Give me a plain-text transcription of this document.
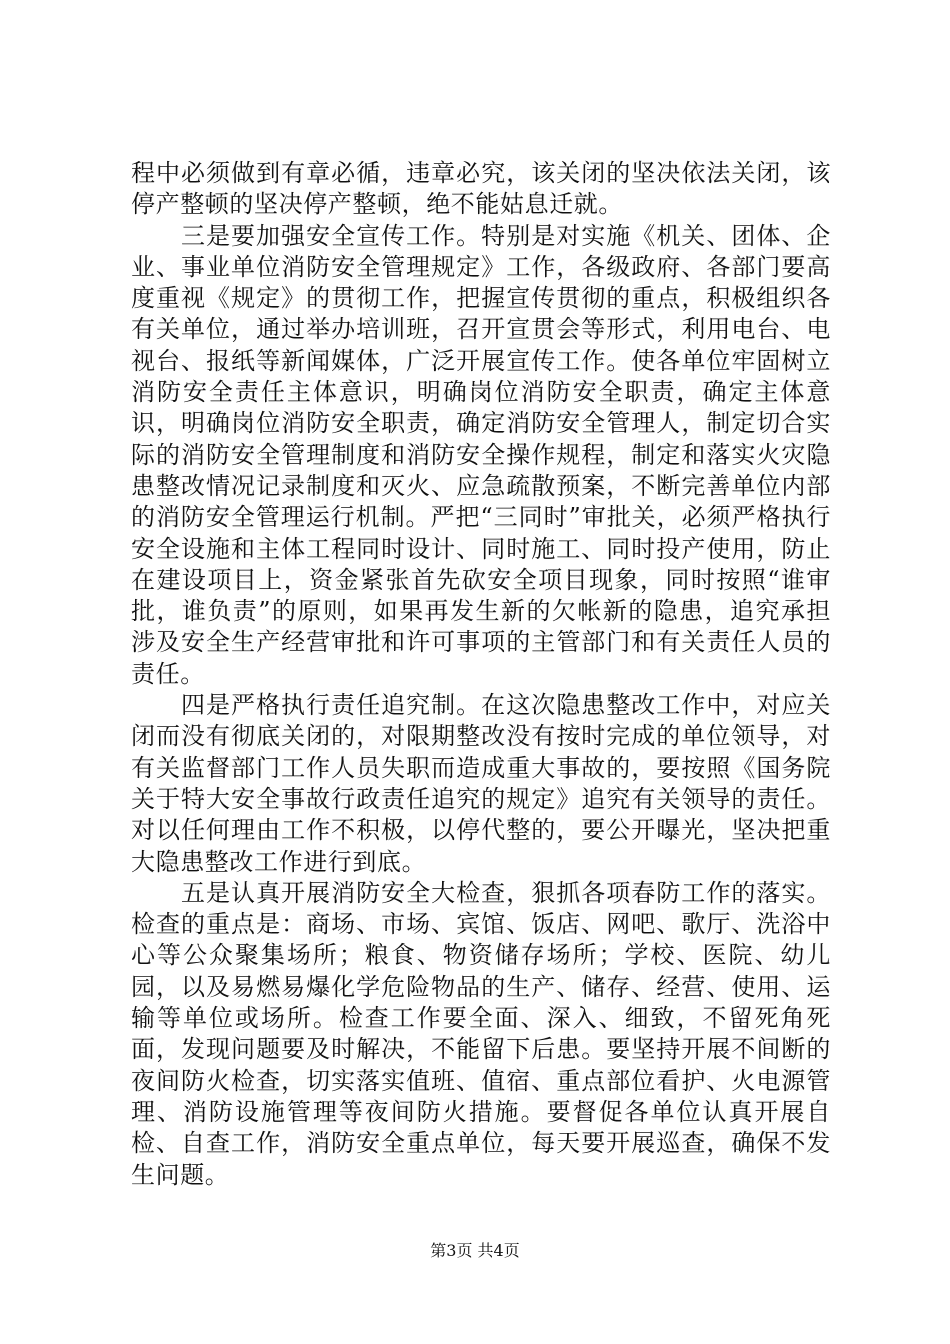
程中必须做到有章必循，违章必究，该关闭的坚决依法关闭，该停产整顿的坚决停产整顿，绝不能姑息迁就。

三是要加强安全宣传工作。特别是对实施《机关、团体、企业、事业单位消防安全管理规定》工作，各级政府、各部门要高度重视《规定》的贯彻工作，把握宣传贯彻的重点，积极组织各有关单位，通过举办培训班，召开宣贯会等形式，利用电台、电视台、报纸等新闻媒体，广泛开展宣传工作。使各单位牢固树立消防安全责任主体意识，明确岗位消防安全职责，确定主体意识，明确岗位消防安全职责，确定消防安全管理人，制定切合实际的消防安全管理制度和消防安全操作规程，制定和落实火灾隐患整改情况记录制度和灭火、应急疏散预案，不断完善单位内部的消防安全管理运行机制。严把“三同时”审批关，必须严格执行安全设施和主体工程同时设计、同时施工、同时投产使用，防止在建设项目上，资金紧张首先砍安全项目现象，同时按照“谁审批，谁负责”的原则，如果再发生新的欠帐新的隐患，追究承担涉及安全生产经营审批和许可事项的主管部门和有关责任人员的责任。

四是严格执行责任追究制。在这次隐患整改工作中，对应关闭而没有彻底关闭的，对限期整改没有按时完成的单位领导，对有关监督部门工作人员失职而造成重大事故的，要按照《国务院关于特大安全事故行政责任追究的规定》追究有关领导的责任。对以任何理由工作不积极，以停代整的，要公开曝光，坚决把重大隐患整改工作进行到底。

五是认真开展消防安全大检查，狠抓各项春防工作的落实。检查的重点是：商场、市场、宾馆、饭店、网吧、歌厅、洗浴中心等公众聚集场所；粮食、物资储存场所；学校、医院、幼儿园，以及易燃易爆化学危险物品的生产、储存、经营、使用、运输等单位或场所。检查工作要全面、深入、细致，不留死角死面，发现问题要及时解决，不能留下后患。要坚持开展不间断的夜间防火检查，切实落实值班、值宿、重点部位看护、火电源管理、消防设施管理等夜间防火措施。要督促各单位认真开展自检、自查工作，消防安全重点单位，每天要开展巡查，确保不发生问题。

第3页 共4页
